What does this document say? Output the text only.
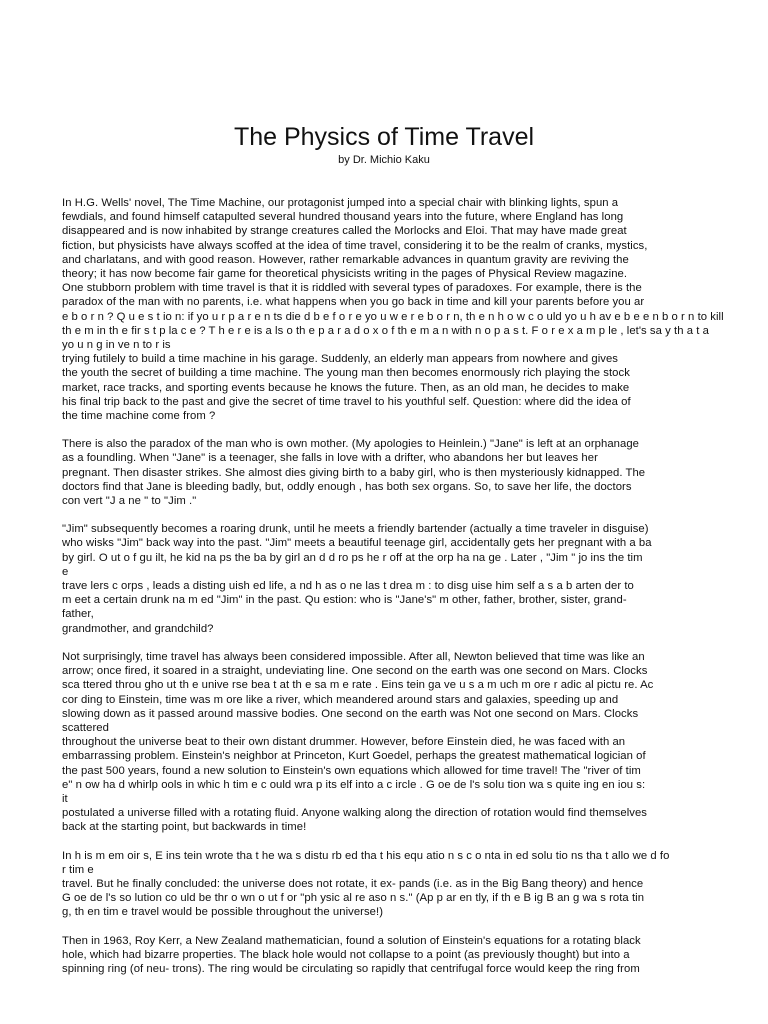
The Physics of Time Travel
by Dr. Michio Kaku

In H.G. Wells' novel, The Time Machine, our protagonist jumped into a special chair with blinking lights, spun a
fewdials, and found himself catapulted several hundred thousand years into the future, where England has long
disappeared and is now inhabited by strange creatures called the Morlocks and Eloi. That may have made great
fiction, but physicists have always scoffed at the idea of time travel, considering it to be the realm of cranks, mystics,
and charlatans, and with good reason. However, rather remarkable advances in quantum gravity are reviving the
theory; it has now become fair game for theoretical physicists writing in the pages of Physical Review magazine.
One stubborn problem with time travel is that it is riddled with several types of paradoxes. For example, there is the
paradox of the man with no parents, i.e. what happens when you go back in time and kill your parents before you ar
e b o r n ? Q u e s t io n: if yo u r p a r e n ts die d b e f o r e yo u w e r e b o r n, th e n h o w c o uld yo u h av e b e e n b o r n to kill
th e m in th e fir s t p la c e ? T h e r e is a ls o th e p a r a d o x o f th e m a n with n o p a s t. F o r e x a m p le , let's sa y th a t a
yo u n g in ve n to r is
trying futilely to build a time machine in his garage. Suddenly, an elderly man appears from nowhere and gives
the youth the secret of building a time machine. The young man then becomes enormously rich playing the stock
market, race tracks, and sporting events because he knows the future. Then, as an old man, he decides to make
his final trip back to the past and give the secret of time travel to his youthful self. Question: where did the idea of
the time machine come from ?

There is also the paradox of the man who is own mother. (My apologies to Heinlein.) "Jane" is left at an orphanage
as a foundling. When "Jane" is a teenager, she falls in love with a drifter, who abandons her but leaves her
pregnant. Then disaster strikes. She almost dies giving birth to a baby girl, who is then mysteriously kidnapped. The
doctors find that Jane is bleeding badly, but, oddly enough , has both sex organs. So, to save her life, the doctors
con vert "J a ne " to "Jim ."

"Jim" subsequently becomes a roaring drunk, until he meets a friendly bartender (actually a time traveler in disguise)
who wisks "Jim" back way into the past. "Jim" meets a beautiful teenage girl, accidentally gets her pregnant with a ba
by girl. O ut o f gu ilt, he kid na ps the ba by girl an d d ro ps he r off at the orp ha na ge . Later , "Jim " jo ins the tim
e
trave lers c orps , leads a disting uish ed life, a nd h as o ne las t drea m : to disg uise him self a s a b arten der to
m eet a certain drunk na m ed "Jim" in the past. Qu estion: who is "Jane's" m other, father, brother, sister, grand-
father,
grandmother, and grandchild?

Not surprisingly, time travel has always been considered impossible. After all, Newton believed that time was like an
arrow; once fired, it soared in a straight, undeviating line. One second on the earth was one second on Mars. Clocks
sca ttered throu gho ut th e unive rse bea t at th e sa m e rate . Eins tein ga ve u s a m uch m ore r adic al pictu re. Ac
cor ding to Einstein, time was m ore like a river, which meandered around stars and galaxies, speeding up and
slowing down as it passed around massive bodies. One second on the earth was Not one second on Mars. Clocks
scattered
throughout the universe beat to their own distant drummer. However, before Einstein died, he was faced with an
embarrassing problem. Einstein's neighbor at Princeton, Kurt Goedel, perhaps the greatest mathematical logician of
the past 500 years, found a new solution to Einstein's own equations which allowed for time travel! The "river of tim
e" n ow ha d whirlp ools in whic h tim e c ould wra p its elf into a c ircle . G oe de l's solu tion wa s quite ing en iou s:
it
postulated a universe filled with a rotating fluid. Anyone walking along the direction of rotation would find themselves
back at the starting point, but backwards in time!

In h is m em oir s, E ins tein wrote tha t he wa s distu rb ed tha t his equ atio n s c o nta in ed solu tio ns tha t allo we d fo
r tim e
travel. But he finally concluded: the universe does not rotate, it ex- pands (i.e. as in the Big Bang theory) and hence
G oe de l's so lution co uld be thr o wn o ut f or "ph ysic al re aso n s." (Ap p ar en tly, if th e B ig B an g wa s rota tin
g, th en tim e travel would be possible throughout the universe!)

Then in 1963, Roy Kerr, a New Zealand mathematician, found a solution of Einstein's equations for a rotating black
hole, which had bizarre properties. The black hole would not collapse to a point (as previously thought) but into a
spinning ring (of neu- trons). The ring would be circulating so rapidly that centrifugal force would keep the ring from
